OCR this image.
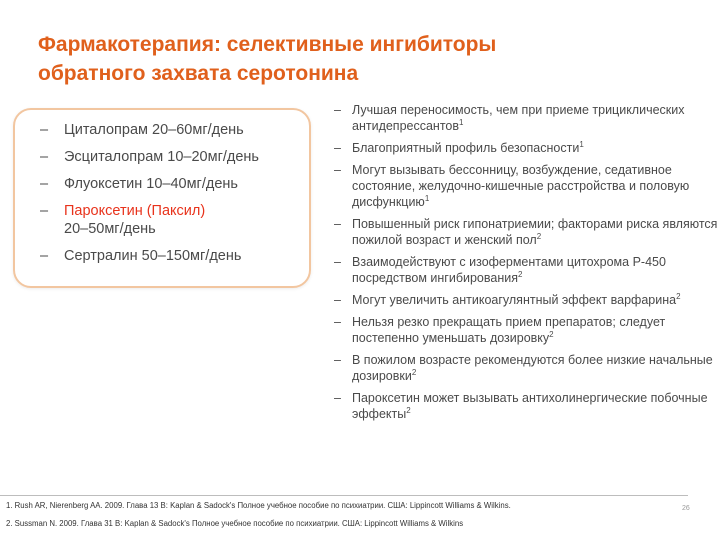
Фармакотерапия: селективные ингибиторы обратного захвата серотонина
– Циталопрам 20–60мг/день
– Эсциталопрам 10–20мг/день
– Флуоксетин 10–40мг/день
– Пароксетин (Паксил)
20–50мг/день
– Сертралин 50–150мг/день
– Лучшая переносимость, чем при приеме трициклических антидепрессантов$^1$
– Благоприятный профиль безопасности$^1$
– Могут вызывать бессонницу, возбуждение, седативное состояние, желудочно-кишечные расстройства и половую дисфункцию$^1$
– Повышенный риск гипонатриемии; факторами риска являются пожилой возраст и женский пол$^2$
– Взаимодействуют с изоферментами цитохрома Р-450 посредством ингибирования$^2$
– Могут увеличить антикоагулянтный эффект варфарина$^2$
– Нельзя резко прекращать прием препаратов; следует постепенно уменьшать дозировку$^2$
– В пожилом возрасте рекомендуются более низкие начальные дозировки$^2$
– Пароксетин может вызывать антихолинергические побочные эффекты$^2$
1. Rush AR, Nierenberg AA. 2009. Глава 13 В: Kaplan & Sadock's Полное учебное пособие по психиатрии. США: Lippincott Williams & Wilkins.
2. Sussman N. 2009. Глава 31 В: Kaplan & Sadock's Полное учебное пособие по психиатрии. США: Lippincott Williams & Wilkins
26
